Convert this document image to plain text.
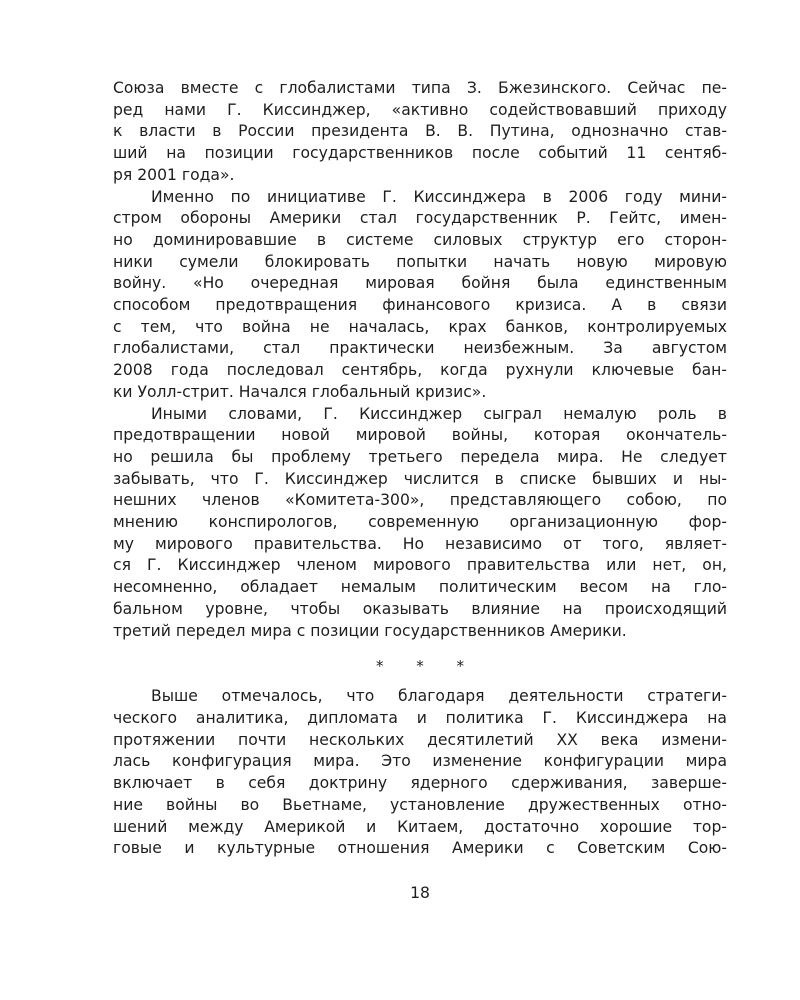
Союза вместе с глобалистами типа З. Бжезинского. Сейчас пе-
ред нами Г. Киссинджер, «активно содействовавший приходу
к власти в России президента В. В. Путина, однозначно став-
ший на позиции государственников после событий 11 сентяб-
ря 2001 года».
Именно по инициативе Г. Киссинджера в 2006 году мини-
стром обороны Америки стал государственник Р. Гейтс, имен-
но доминировавшие в системе силовых структур его сторон-
ники сумели блокировать попытки начать новую мировую
войну. «Но очередная мировая бойня была единственным
способом предотвращения финансового кризиса. А в связи
с тем, что война не началась, крах банков, контролируемых
глобалистами, стал практически неизбежным. За августом
2008 года последовал сентябрь, когда рухнули ключевые бан-
ки Уолл-стрит. Начался глобальный кризис».
Иными словами, Г. Киссинджер сыграл немалую роль в
предотвращении новой мировой войны, которая окончатель-
но решила бы проблему третьего передела мира. Не следует
забывать, что Г. Киссинджер числится в списке бывших и ны-
нешних членов «Комитета-300», представляющего собою, по
мнению конспирологов, современную организационную фор-
му мирового правительства. Но независимо от того, являет-
ся Г. Киссинджер членом мирового правительства или нет, он,
несомненно, обладает немалым политическим весом на гло-
бальном уровне, чтобы оказывать влияние на происходящий
третий передел мира с позиции государственников Америки.
* * *
Выше отмечалось, что благодаря деятельности стратеги-
ческого аналитика, дипломата и политика Г. Киссинджера на
протяжении почти нескольких десятилетий XX века измени-
лась конфигурация мира. Это изменение конфигурации мира
включает в себя доктрину ядерного сдерживания, заверше-
ние войны во Вьетнаме, установление дружественных отно-
шений между Америкой и Китаем, достаточно хорошие тор-
говые и культурные отношения Америки с Советским Сою-
18
